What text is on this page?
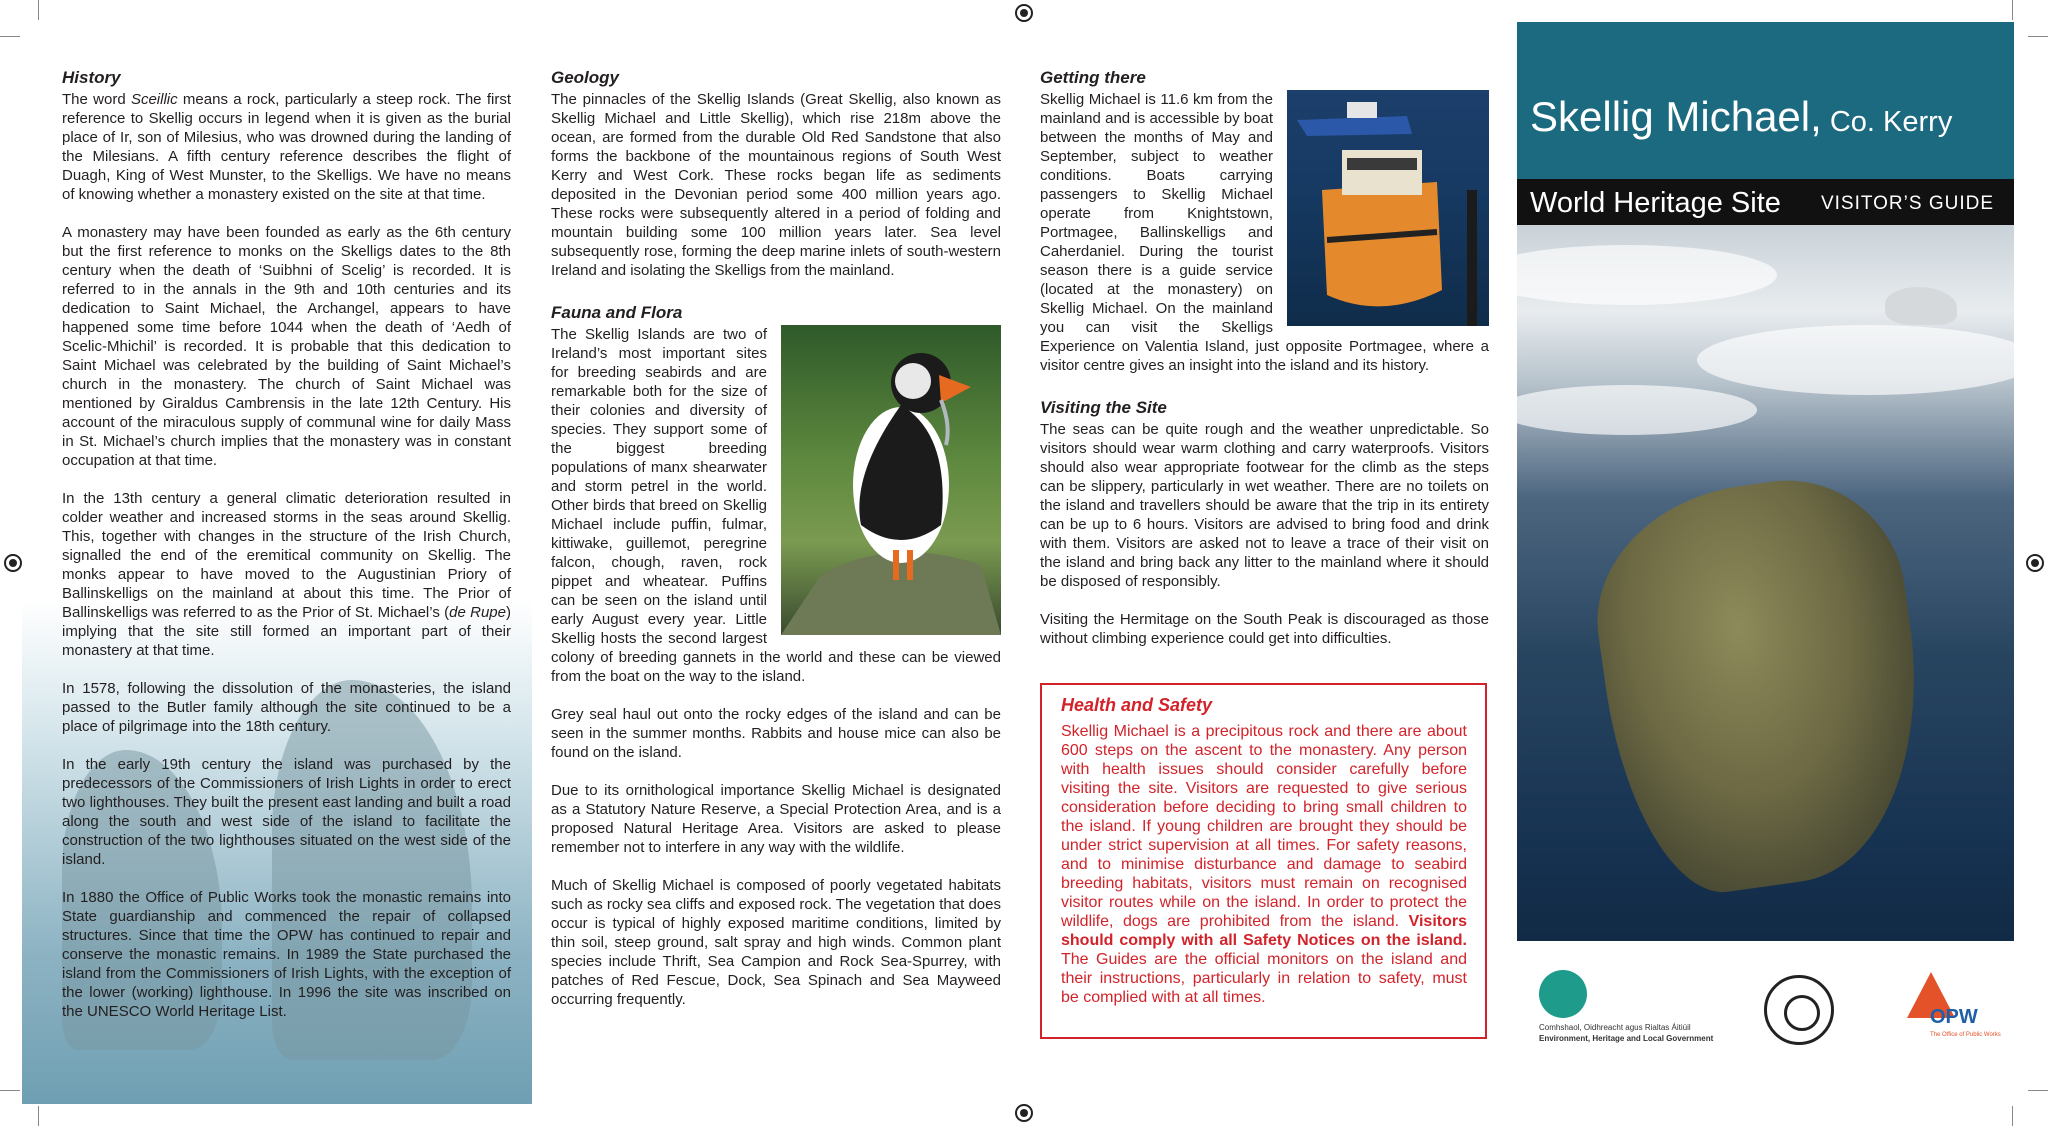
History

The word Sceillic means a rock, particularly a steep rock. The first reference to Skellig occurs in legend when it is given as the burial place of Ir, son of Milesius, who was drowned during the landing of the Milesians. A fifth century reference describes the flight of Duagh, King of West Munster, to the Skelligs. We have no means of knowing whether a monastery existed on the site at that time.

A monastery may have been founded as early as the 6th century but the first reference to monks on the Skelligs dates to the 8th century when the death of ‘Suibhni of Scelig’ is recorded. It is referred to in the annals in the 9th and 10th centuries and its dedication to Saint Michael, the Archangel, appears to have happened some time before 1044 when the death of ‘Aedh of Scelic-Mhichil’ is recorded. It is probable that this dedication to Saint Michael was celebrated by the building of Saint Michael’s church in the monastery. The church of Saint Michael was mentioned by Giraldus Cambrensis in the late 12th Century. His account of the miraculous supply of communal wine for daily Mass in St. Michael’s church implies that the monastery was in constant occupation at that time.

In the 13th century a general climatic deterioration resulted in colder weather and increased storms in the seas around Skellig. This, together with changes in the structure of the Irish Church, signalled the end of the eremitical community on Skellig. The monks appear to have moved to the Augustinian Priory of Ballinskelligs on the mainland at about this time. The Prior of Ballinskelligs was referred to as the Prior of St. Michael’s (de Rupe) implying that the site still formed an important part of their monastery at that time.

In 1578, following the dissolution of the monasteries, the island passed to the Butler family although the site continued to be a place of pilgrimage into the 18th century.

In the early 19th century the island was purchased by the predecessors of the Commissioners of Irish Lights in order to erect two lighthouses. They built the present east landing and built a road along the south and west side of the island to facilitate the construction of the two lighthouses situated on the west side of the island.

In 1880 the Office of Public Works took the monastic remains into State guardianship and commenced the repair of collapsed structures. Since that time the OPW has continued to repair and conserve the monastic remains. In 1989 the State purchased the island from the Commissioners of Irish Lights, with the exception of the lower (working) lighthouse. In 1996 the site was inscribed on the UNESCO World Heritage List.

Geology

The pinnacles of the Skellig Islands (Great Skellig, also known as Skellig Michael and Little Skellig), which rise 218m above the ocean, are formed from the durable Old Red Sandstone that also forms the backbone of the mountainous regions of South West Kerry and West Cork. These rocks began life as sediments deposited in the Devonian period some 400 million years ago. These rocks were subsequently altered in a period of folding and mountain building some 100 million years later. Sea level subsequently rose, forming the deep marine inlets of south-western Ireland and isolating the Skelligs from the mainland.

Fauna and Flora

The Skellig Islands are two of Ireland’s most important sites for breeding seabirds and are remarkable both for the size of their colonies and diversity of species. They support some of the biggest breeding populations of manx shearwater and storm petrel in the world. Other birds that breed on Skellig Michael include puffin, fulmar, kittiwake, guillemot, peregrine falcon, chough, raven, rock pippet and wheatear. Puffins can be seen on the island until early August every year. Little Skellig hosts the second largest colony of breeding gannets in the world and these can be viewed from the boat on the way to the island.

Grey seal haul out onto the rocky edges of the island and can be seen in the summer months. Rabbits and house mice can also be found on the island.

Due to its ornithological importance Skellig Michael is designated as a Statutory Nature Reserve, a Special Protection Area, and is a proposed Natural Heritage Area. Visitors are asked to please remember not to interfere in any way with the wildlife.

Much of Skellig Michael is composed of poorly vegetated habitats such as rocky sea cliffs and exposed rock. The vegetation that does occur is typical of highly exposed maritime conditions, limited by thin soil, steep ground, salt spray and high winds. Common plant species include Thrift, Sea Campion and Rock Sea-Spurrey, with patches of Red Fescue, Dock, Sea Spinach and Sea Mayweed occurring frequently.

Getting there

Skellig Michael is 11.6 km from the mainland and is accessible by boat between the months of May and September, subject to weather conditions. Boats carrying passengers to Skellig Michael operate from Knightstown, Portmagee, Ballinskelligs and Caherdaniel. During the tourist season there is a guide service (located at the monastery) on Skellig Michael. On the mainland you can visit the Skelligs Experience on Valentia Island, just opposite Portmagee, where a visitor centre gives an insight into the island and its history.

Visiting the Site

The seas can be quite rough and the weather unpredictable. So visitors should wear warm clothing and carry waterproofs. Visitors should also wear appropriate footwear for the climb as the steps can be slippery, particularly in wet weather. There are no toilets on the island and travellers should be aware that the trip in its entirety can be up to 6 hours. Visitors are advised to bring food and drink with them. Visitors are asked not to leave a trace of their visit on the island and bring back any litter to the mainland where it should be disposed of responsibly.

Visiting the Hermitage on the South Peak is discouraged as those without climbing experience could get into difficulties.

Health and Safety

Skellig Michael is a precipitous rock and there are about 600 steps on the ascent to the monastery. Any person with health issues should consider carefully before visiting the site. Visitors are requested to give serious consideration before deciding to bring small children to the island. If young children are brought they should be under strict supervision at all times. For safety reasons, and to minimise disturbance and damage to seabird breeding habitats, visitors must remain on recognised visitor routes while on the island. In order to protect the wildlife, dogs are prohibited from the island. Visitors should comply with all Safety Notices on the island. The Guides are the official monitors on the island and their instructions, particularly in relation to safety, must be complied with at all times.

Skellig Michael, Co. Kerry
World Heritage Site VISITOR’S GUIDE
Comhshaol, Oidhreacht agus Rialtas Áitiúil
Environment, Heritage and Local Government
OPW
The Office of Public Works
